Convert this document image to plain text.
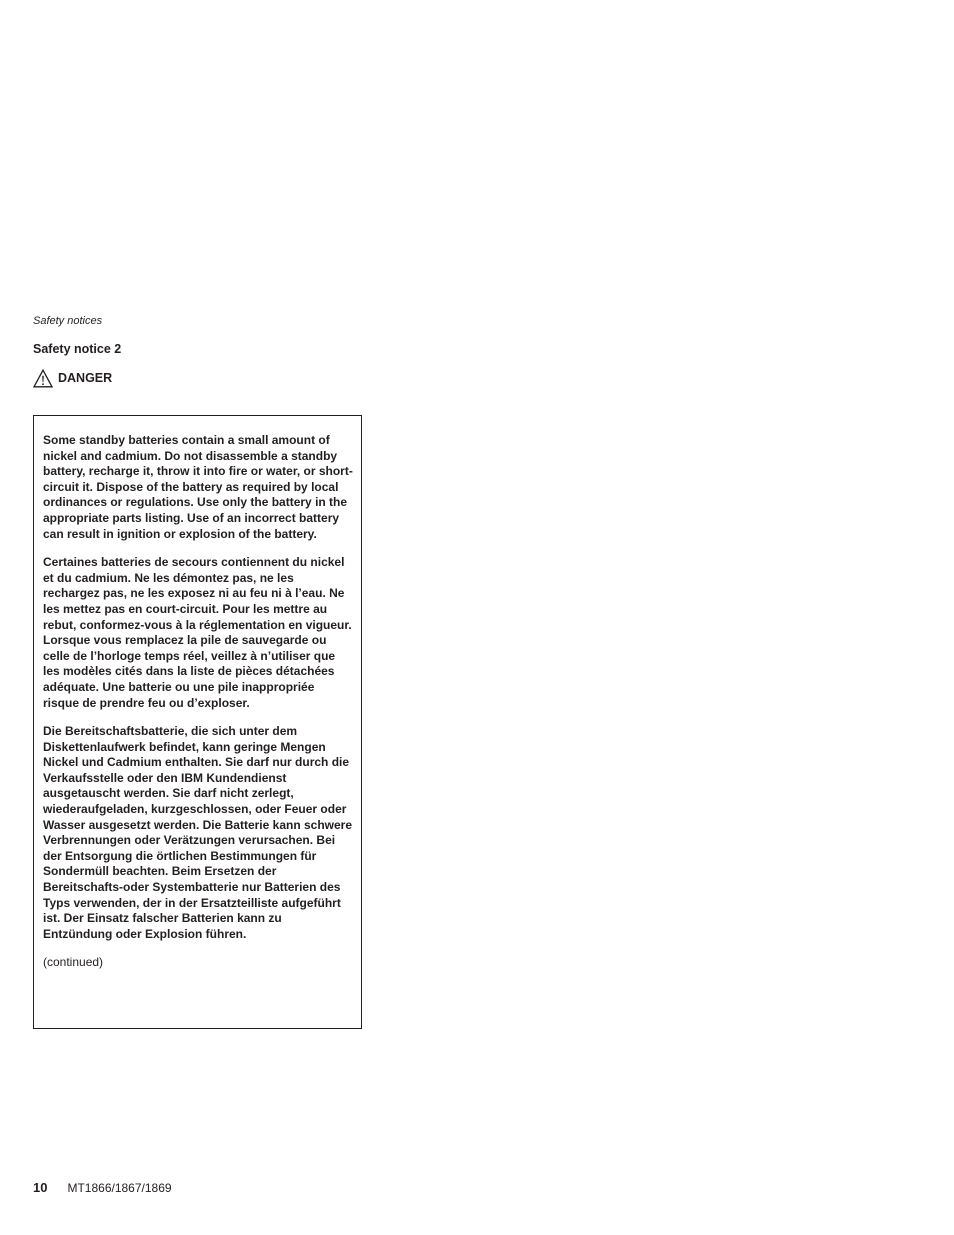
Safety notices
Safety notice 2
DANGER

Some standby batteries contain a small amount of nickel and cadmium. Do not disassemble a standby battery, recharge it, throw it into fire or water, or short-circuit it. Dispose of the battery as required by local ordinances or regulations. Use only the battery in the appropriate parts listing. Use of an incorrect battery can result in ignition or explosion of the battery.

Certaines batteries de secours contiennent du nickel et du cadmium. Ne les démontez pas, ne les rechargez pas, ne les exposez ni au feu ni à l’eau. Ne les mettez pas en court-circuit. Pour les mettre au rebut, conformez-vous à la réglementation en vigueur. Lorsque vous remplacez la pile de sauvegarde ou celle de l’horloge temps réel, veillez à n’utiliser que les modèles cités dans la liste de pièces détachées adéquate. Une batterie ou une pile inappropriée risque de prendre feu ou d’exploser.

Die Bereitschaftsbatterie, die sich unter dem Diskettenlaufwerk befindet, kann geringe Mengen Nickel und Cadmium enthalten. Sie darf nur durch die Verkaufsstelle oder den IBM Kundendienst ausgetauscht werden. Sie darf nicht zerlegt, wiederaufgeladen, kurzgeschlossen, oder Feuer oder Wasser ausgesetzt werden. Die Batterie kann schwere Verbrennungen oder Verätzungen verursachen. Bei der Entsorgung die örtlichen Bestimmungen für Sondermüll beachten. Beim Ersetzen der Bereitschafts-oder Systembatterie nur Batterien des Typs verwenden, der in der Ersatzteilliste aufgeführt ist. Der Einsatz falscher Batterien kann zu Entzündung oder Explosion führen.

(continued)

10 MT1866/1867/1869
